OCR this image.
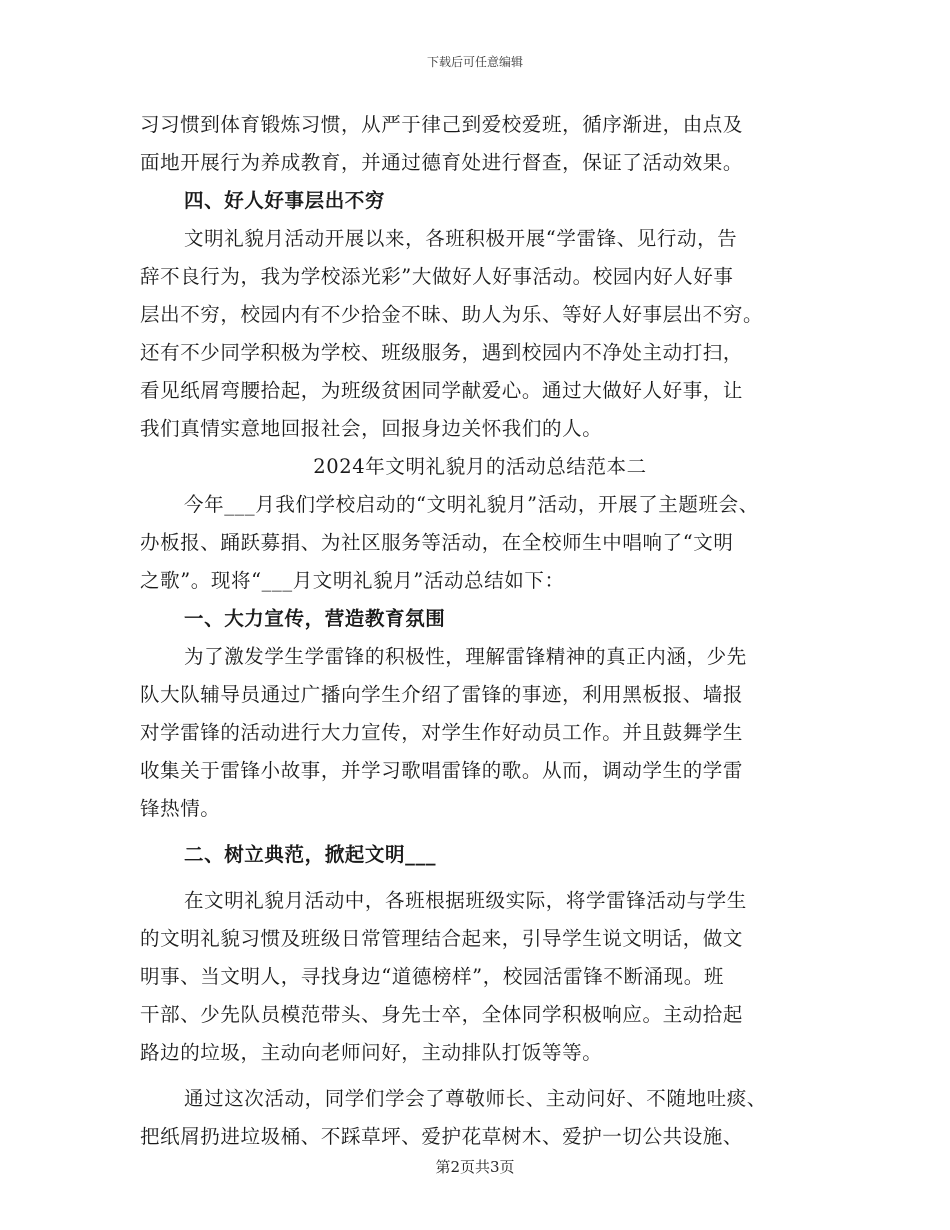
下载后可任意编辑
习习惯到体育锻炼习惯，从严于律己到爱校爱班，循序渐进，由点及
面地开展行为养成教育，并通过德育处进行督查，保证了活动效果。
四、好人好事层出不穷
文明礼貌月活动开展以来，各班积极开展“学雷锋、见行动，告
辞不良行为，我为学校添光彩”大做好人好事活动。校园内好人好事
层出不穷，校园内有不少拾金不昧、助人为乐、等好人好事层出不穷。
还有不少同学积极为学校、班级服务，遇到校园内不净处主动打扫，
看见纸屑弯腰拾起，为班级贫困同学献爱心。通过大做好人好事，让
我们真情实意地回报社会，回报身边关怀我们的人。
2024年文明礼貌月的活动总结范本二
今年___月我们学校启动的“文明礼貌月”活动，开展了主题班会、
办板报、踊跃募捐、为社区服务等活动，在全校师生中唱响了“文明
之歌”。现将“___月文明礼貌月”活动总结如下：
一、大力宣传，营造教育氛围
为了激发学生学雷锋的积极性，理解雷锋精神的真正内涵，少先
队大队辅导员通过广播向学生介绍了雷锋的事迹，利用黑板报、墙报
对学雷锋的活动进行大力宣传，对学生作好动员工作。并且鼓舞学生
收集关于雷锋小故事，并学习歌唱雷锋的歌。从而，调动学生的学雷
锋热情。
二、树立典范，掀起文明___
在文明礼貌月活动中，各班根据班级实际，将学雷锋活动与学生
的文明礼貌习惯及班级日常管理结合起来，引导学生说文明话，做文
明事、当文明人，寻找身边“道德榜样”，校园活雷锋不断涌现。班
干部、少先队员模范带头、身先士卒，全体同学积极响应。主动拾起
路边的垃圾，主动向老师问好，主动排队打饭等等。
通过这次活动，同学们学会了尊敬师长、主动问好、不随地吐痰、
把纸屑扔进垃圾桶、不踩草坪、爱护花草树木、爱护一切公共设施、
第2页共3页
